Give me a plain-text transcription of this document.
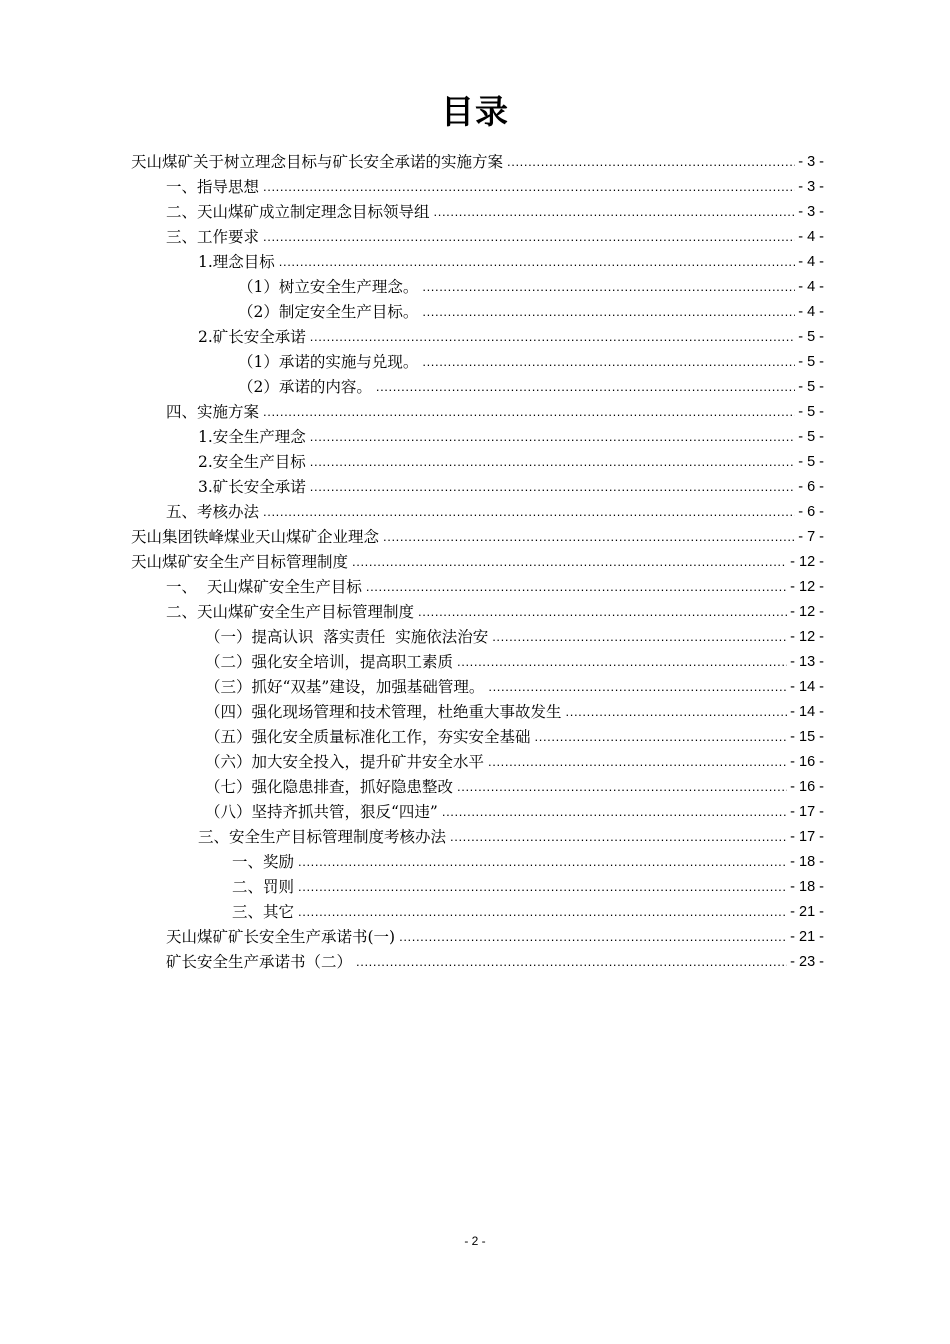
目录
天山煤矿关于树立理念目标与矿长安全承诺的实施方案 .....	- 3 -
一、指导思想 .....	- 3 -
二、天山煤矿成立制定理念目标领导组 .....	- 3 -
三、工作要求 .....	- 4 -
1.理念目标 .....	- 4 -
（1）树立安全生产理念。 .....	- 4 -
（2）制定安全生产目标。 .....	- 4 -
2.矿长安全承诺 .....	- 5 -
（1）承诺的实施与兑现。 .....	- 5 -
（2）承诺的内容。 .....	- 5 -
四、实施方案 .....	- 5 -
1.安全生产理念 .....	- 5 -
2.安全生产目标 .....	- 5 -
3.矿长安全承诺 .....	- 6 -
五、考核办法 .....	- 6 -
天山集团铁峰煤业天山煤矿企业理念 .....	- 7 -
天山煤矿安全生产目标管理制度 .....	- 12 -
一、  天山煤矿安全生产目标 .....	- 12 -
二、天山煤矿安全生产目标管理制度 .....	- 12 -
（一）提高认识  落实责任  实施依法治安 .....	- 12 -
（二）强化安全培训，提高职工素质 .....	- 13 -
（三）抓好“双基”建设，加强基础管理。 .....	- 14 -
（四）强化现场管理和技术管理，杜绝重大事故发生 .....	- 14 -
（五）强化安全质量标准化工作，夯实安全基础 .....	- 15 -
（六）加大安全投入，提升矿井安全水平 .....	- 16 -
（七）强化隐患排查，抓好隐患整改 .....	- 16 -
（八）坚持齐抓共管，狠反“四违” .....	- 17 -
三、安全生产目标管理制度考核办法 .....	- 17 -
一、奖励 .....	- 18 -
二、罚则 .....	- 18 -
三、其它 .....	- 21 -
天山煤矿矿长安全生产承诺书(一) .....	- 21 -
矿长安全生产承诺书（二） .....	- 23 -
- 2 -
